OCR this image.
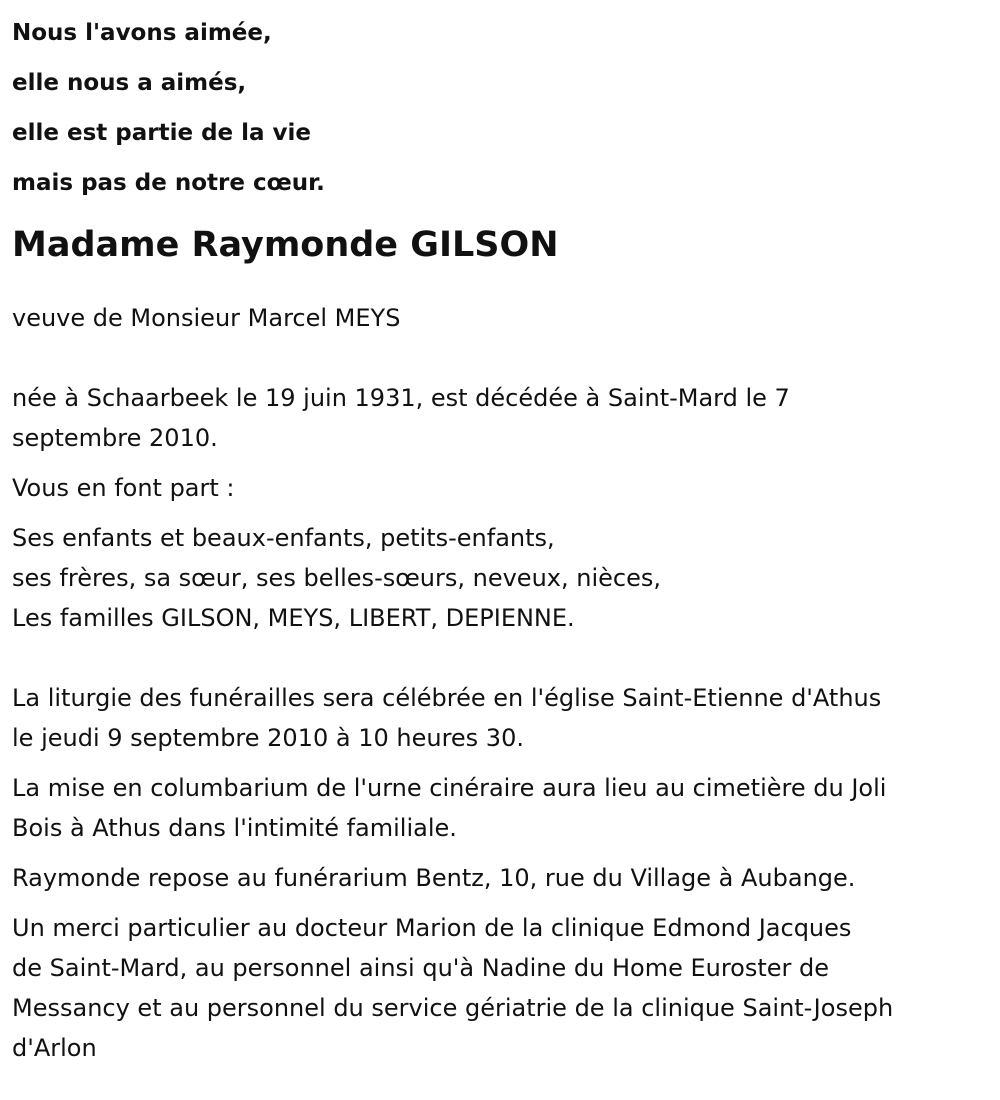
Nous l'avons aimée,
elle nous a aimés,
elle est partie de la vie
mais pas de notre cœur.
Madame Raymonde GILSON

veuve de Monsieur Marcel MEYS

née à Schaarbeek le 19 juin 1931, est décédée à Saint-Mard le 7
septembre 2010.

Vous en font part :

Ses enfants et beaux-enfants, petits-enfants,
ses frères, sa sœur, ses belles-sœurs, neveux, nièces,
Les familles GILSON, MEYS, LIBERT, DEPIENNE.

La liturgie des funérailles sera célébrée en l'église Saint-Etienne d'Athus
le jeudi 9 septembre 2010 à 10 heures 30.

La mise en columbarium de l'urne cinéraire aura lieu au cimetière du Joli
Bois à Athus dans l'intimité familiale.

Raymonde repose au funérarium Bentz, 10, rue du Village à Aubange.

Un merci particulier au docteur Marion de la clinique Edmond Jacques
de Saint-Mard, au personnel ainsi qu'à Nadine du Home Euroster de
Messancy et au personnel du service gériatrie de la clinique Saint-Joseph
d'Arlon
